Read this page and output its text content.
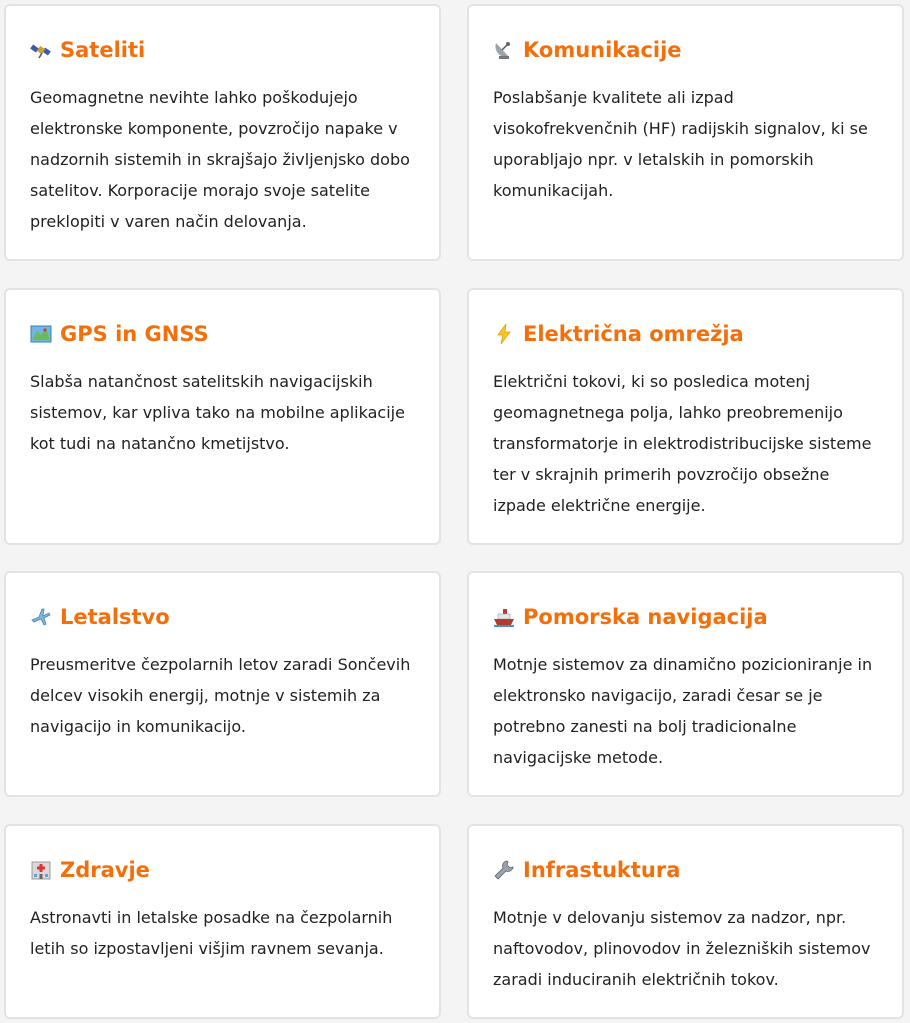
Sateliti

Geomagnetne nevihte lahko poškodujejo elektronske komponente, povzročijo napake v nadzornih sistemih in skrajšajo življenjsko dobo satelitov. Korporacije morajo svoje satelite preklopiti v varen način delovanja.

Komunikacije

Poslabšanje kvalitete ali izpad visokofrekvenčnih (HF) radijskih signalov, ki se uporabljajo npr. v letalskih in pomorskih komunikacijah.

GPS in GNSS

Slabša natančnost satelitskih navigacijskih sistemov, kar vpliva tako na mobilne aplikacije kot tudi na natančno kmetijstvo.

Električna omrežja

Električni tokovi, ki so posledica motenj geomagnetnega polja, lahko preobremenijo transformatorje in elektrodistribucijske sisteme ter v skrajnih primerih povzročijo obsežne izpade električne energije.

Letalstvo

Preusmeritve čezpolarnih letov zaradi Sončevih delcev visokih energij, motnje v sistemih za navigacijo in komunikacijo.

Pomorska navigacija

Motnje sistemov za dinamično pozicioniranje in elektronsko navigacijo, zaradi česar se je potrebno zanesti na bolj tradicionalne navigacijske metode.

Zdravje

Astronavti in letalske posadke na čezpolarnih letih so izpostavljeni višjim ravnem sevanja.

Infrastuktura

Motnje v delovanju sistemov za nadzor, npr. naftovodov, plinovodov in železniških sistemov zaradi induciranih električnih tokov.
